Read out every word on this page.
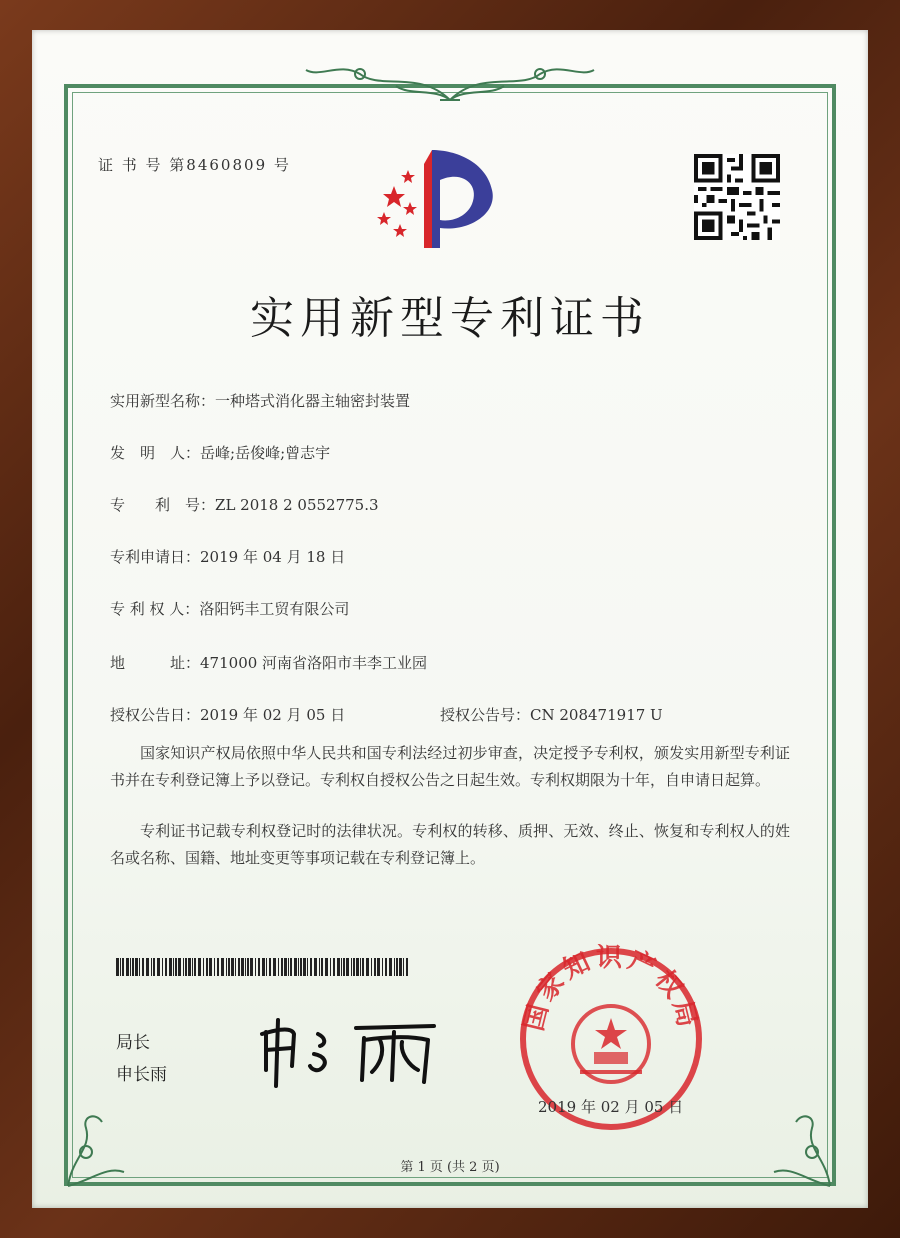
证 书 号 第8460809 号
实用新型专利证书
实用新型名称：一种塔式消化器主轴密封装置
发　明　人：岳峰;岳俊峰;曾志宇
专　　利　号：ZL 2018 2 0552775.3
专利申请日：2019 年 04 月 18 日
专 利 权 人：洛阳钙丰工贸有限公司
地　　　址：471000 河南省洛阳市丰李工业园
授权公告日：2019 年 02 月 05 日	授权公告号：CN 208471917 U
国家知识产权局依照中华人民共和国专利法经过初步审查，决定授予专利权，颁发实用新型专利证书并在专利登记簿上予以登记。专利权自授权公告之日起生效。专利权期限为十年，自申请日起算。
专利证书记载专利权登记时的法律状况。专利权的转移、质押、无效、终止、恢复和专利权人的姓名或名称、国籍、地址变更等事项记载在专利登记簿上。
局长
申长雨
国家知识产权局
2019 年 02 月 05 日
第 1 页 (共 2 页)
